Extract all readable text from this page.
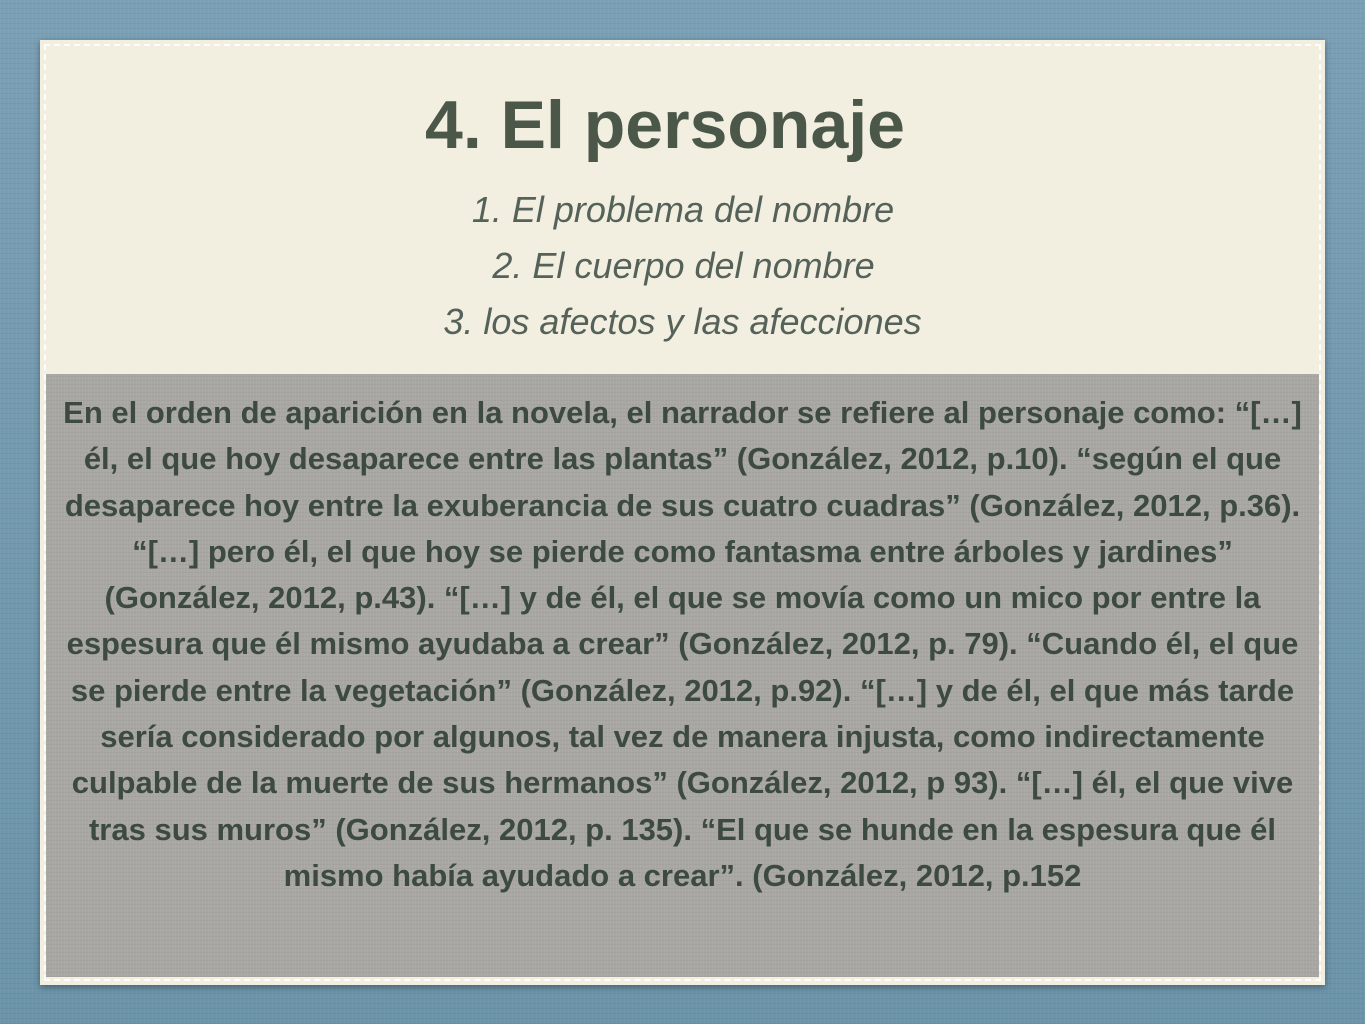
4. El personaje
1. El problema del nombre
2. El cuerpo del nombre
3. los afectos y las afecciones

En el orden de aparición en la novela, el narrador se refiere al personaje como: “[…] él, el que hoy desaparece entre las plantas” (González, 2012, p.10). “según el que desaparece hoy entre la exuberancia de sus cuatro cuadras” (González, 2012, p.36). “[…] pero él, el que hoy se pierde como fantasma entre árboles y jardines” (González, 2012, p.43). “[…] y de él, el que se movía como un mico por entre la espesura que él mismo ayudaba a crear” (González, 2012, p. 79). “Cuando él, el que se pierde entre la vegetación” (González, 2012, p.92). “[…] y de él, el que más tarde sería considerado por algunos, tal vez de manera injusta, como indirectamente culpable de la muerte de sus hermanos” (González, 2012, p 93). “[…] él, el que vive tras sus muros” (González, 2012, p. 135). “El que se hunde en la espesura que él mismo había ayudado a crear”. (González, 2012, p.152
